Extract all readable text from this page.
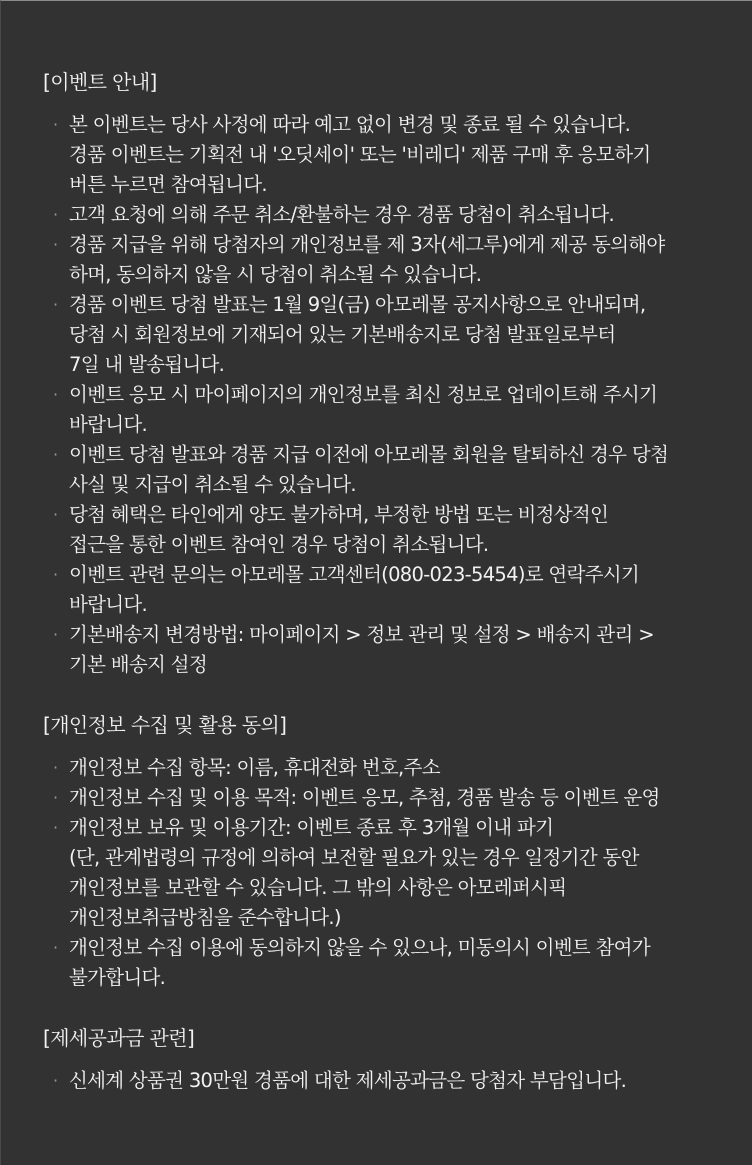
[이벤트 안내]
· 본 이벤트는 당사 사정에 따라 예고 없이 변경 및 종료 될 수 있습니다.
경품 이벤트는 기획전 내 '오딧세이' 또는 '비레디' 제품 구매 후 응모하기
버튼 누르면 참여됩니다.
· 고객 요청에 의해 주문 취소/환불하는 경우 경품 당첨이 취소됩니다.
· 경품 지급을 위해 당첨자의 개인정보를 제 3자(세그루)에게 제공 동의해야
하며, 동의하지 않을 시 당첨이 취소될 수 있습니다.
· 경품 이벤트 당첨 발표는 1월 9일(금) 아모레몰 공지사항으로 안내되며,
당첨 시 회원정보에 기재되어 있는 기본배송지로 당첨 발표일로부터
7일 내 발송됩니다.
· 이벤트 응모 시 마이페이지의 개인정보를 최신 정보로 업데이트해 주시기
바랍니다.
· 이벤트 당첨 발표와 경품 지급 이전에 아모레몰 회원을 탈퇴하신 경우 당첨
사실 및 지급이 취소될 수 있습니다.
· 당첨 혜택은 타인에게 양도 불가하며, 부정한 방법 또는 비정상적인
접근을 통한 이벤트 참여인 경우 당첨이 취소됩니다.
· 이벤트 관련 문의는 아모레몰 고객센터(080-023-5454)로 연락주시기
바랍니다.
· 기본배송지 변경방법: 마이페이지 > 정보 관리 및 설정 > 배송지 관리 >
기본 배송지 설정
[개인정보 수집 및 활용 동의]
· 개인정보 수집 항목: 이름, 휴대전화 번호,주소
· 개인정보 수집 및 이용 목적: 이벤트 응모, 추첨, 경품 발송 등 이벤트 운영
· 개인정보 보유 및 이용기간: 이벤트 종료 후 3개월 이내 파기
(단, 관계법령의 규정에 의하여 보전할 필요가 있는 경우 일정기간 동안
개인정보를 보관할 수 있습니다. 그 밖의 사항은 아모레퍼시픽
개인정보취급방침을 준수합니다.)
· 개인정보 수집 이용에 동의하지 않을 수 있으나, 미동의시 이벤트 참여가
불가합니다.
[제세공과금 관련]
· 신세계 상품권 30만원 경품에 대한 제세공과금은 당첨자 부담입니다.
